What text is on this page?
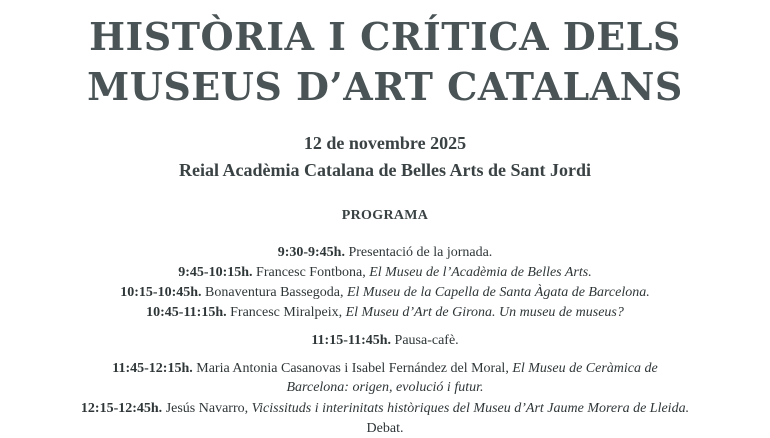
HISTÒRIA I CRÍTICA DELS
MUSEUS D’ART CATALANS
12 de novembre 2025
Reial Acadèmia Catalana de Belles Arts de Sant Jordi
PROGRAMA
9:30-9:45h. Presentació de la jornada.
9:45-10:15h. Francesc Fontbona, El Museu de l’Acadèmia de Belles Arts.
10:15-10:45h. Bonaventura Bassegoda, El Museu de la Capella de Santa Àgata de Barcelona.
10:45-11:15h. Francesc Miralpeix, El Museu d’Art de Girona. Un museu de museus?
11:15-11:45h. Pausa-cafè.
11:45-12:15h. Maria Antonia Casanovas i Isabel Fernández del Moral, El Museu de Ceràmica de
Barcelona: origen, evolució i futur.
12:15-12:45h. Jesús Navarro, Vicissituds i interinitats històriques del Museu d’Art Jaume Morera de Lleida.
Debat.
